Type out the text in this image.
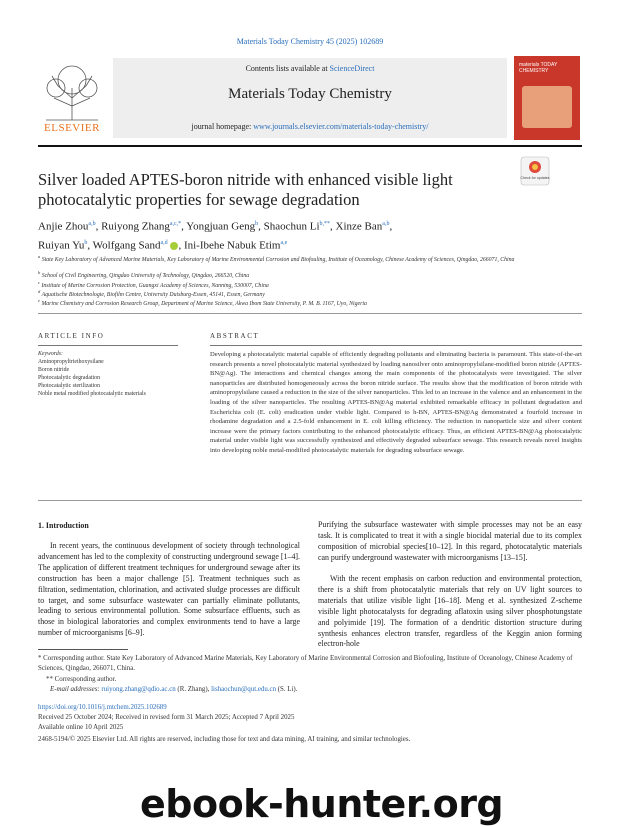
Materials Today Chemistry 45 (2025) 102689
ELSEVIER
Contents lists available at ScienceDirect
Materials Today Chemistry
journal homepage: www.journals.elsevier.com/materials-today-chemistry/
materials TODAY CHEMISTRY
Check for updates
Silver loaded APTES-boron nitride with enhanced visible light photocatalytic properties for sewage degradation
Anjie Zhou$^{a,b}$, Ruiyong Zhang$^{a,c,*}$, Yongjuan Geng$^b$, Shaochun $Li^{b,**}$, Xinze Ban$^{a,b}$,
Ruiyan Yu$^b$, Wolfgang Sand$^{a,d}$ , Ini-Ibehe Nabuk Etim$^{a,e}$
$^a$ State Key Laboratory of Advanced Marine Materials, Key Laboratory of Marine Environmental Corrosion and Biofouling, Institute of Oceanology, Chinese Academy of Sciences, Qingdao, 266071, China
$^b$ School of Civil Engineering, Qingdao University of Technology, Qingdao, 266520, China
$^c$ Institute of Marine Corrosion Protection, Guangxi Academy of Sciences, Nanning, 530007, China
$^d$ Aquatische Biotechnologie, Biofilm Centre, University Duisburg-Essen, 45141, Essen, Germany
$^e$ Marine Chemistry and Corrosion Research Group, Department of Marine Science, Akwa Ibom State University, P. M. B. 1167, Uyo, Nigeria
ARTICLE INFO
Keywords:
Aminopropyltriethoxysilane
Boron nitride
Photocatalytic degradation
Photocatalytic sterilization
Noble metal modified photocatalytic materials
ABSTRACT
Developing a photocatalytic material capable of efficiently degrading pollutants and eliminating bacteria is paramount. This state-of-the-art research presents a novel photocatalytic material synthesized by loading nanosilver onto aminopropylsilane-modified boron nitride (APTES-BN@Ag). The interactions and chemical changes among the main components of the photocatalysts were investigated. The silver nanoparticles are distributed homogeneously across the boron nitride surface. The results show that the modification of boron nitride with aminopropylsilane caused a reduction in the size of the silver nanoparticles. This led to an increase in the valence and an enhancement in the loading of the silver nanoparticles. The resulting APTES-BN@Ag material exhibited remarkable efficacy in pollutant degradation and Escherichia coli (E. coli) eradication under visible light. Compared to h-BN, APTES-BN@Ag demonstrated a fourfold increase in rhodamine degradation and a 2.5-fold enhancement in E. coli killing efficiency. The reduction in nanoparticle size and silver content increase were the primary factors contributing to the enhanced photocatalytic efficacy. Thus, an efficient APTES-BN@Ag photocatalytic material under visible light was successfully synthesized and effectively degraded subsurface sewage. This research reveals novel insights into developing noble metal-modified photocatalytic materials for degrading subsurface sewage.
1. Introduction
In recent years, the continuous development of society through technological advancement has led to the complexity of constructing underground sewage [1–4]. The application of different treatment techniques for underground sewage after its construction has been a major challenge [5]. Treatment techniques such as filtration, sedimentation, chlorination, and activated sludge processes are difficult to target, and some subsurface wastewater can partially eliminate pollutants, leading to serious environmental pollution. Some subsurface effluents, such as those in biological laboratories and complex environments tend to have a large number of microorganisms [6–9].
Purifying the subsurface wastewater with simple processes may not be an easy task. It is complicated to treat it with a single biocidal material due to its complex composition of microbial species[10–12]. In this regard, photocatalytic materials can purify underground wastewater with microorganisms [13–15].
With the recent emphasis on carbon reduction and environmental protection, there is a shift from photocatalytic materials that rely on UV light sources to materials that utilize visible light [16–18]. Meng et al. synthesized Z-scheme visible light photocatalysts for degrading aflatoxin using silver phosphotungstate and polyimide [19]. The formation of a dendritic distortion structure during synthesis enhances electron transfer, regardless of the Keggin anion forming electron-hole
* Corresponding author. State Key Laboratory of Advanced Marine Materials, Key Laboratory of Marine Environmental Corrosion and Biofouling, Institute of Oceanology, Chinese Academy of Sciences, Qingdao, 266071, China.
** Corresponding author.
E-mail addresses: ruiyong.zhang@qdio.ac.cn (R. Zhang), lishaochun@qut.edu.cn (S. Li).
https://doi.org/10.1016/j.mtchem.2025.102689
Received 25 October 2024; Received in revised form 31 March 2025; Accepted 7 April 2025
Available online 10 April 2025
2468-5194/© 2025 Elsevier Ltd. All rights are reserved, including those for text and data mining, AI training, and similar technologies.
ebook-hunter.org
